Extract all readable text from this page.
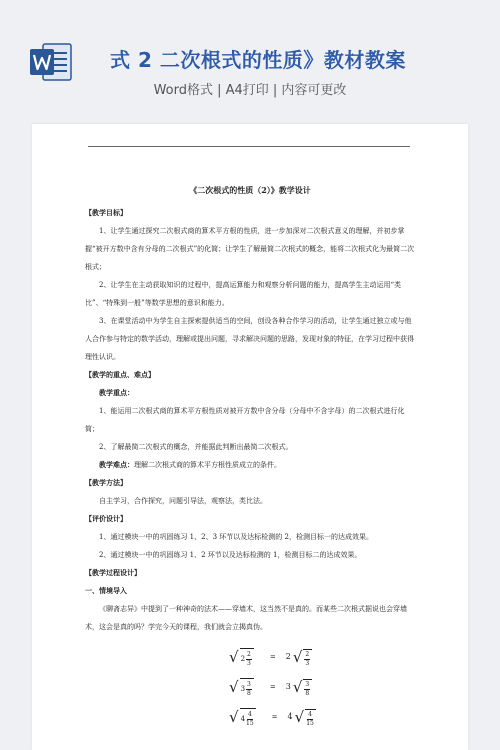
式 2 二次根式的性质》教材教案
Word格式 | A4打印 | 内容可更改

《二次根式的性质（2）》教学设计

【教学目标】

1、让学生通过探究二次根式商的算术平方根的性质，进一步加深对二次根式意义的理解，并初步掌握“被开方数中含有分母的二次根式”的化简；让学生了解最简二次根式的概念，能将二次根式化为最简二次根式；

2、让学生在主动获取知识的过程中，提高运算能力和观察分析问题的能力，提高学生主动运用“类比”、“特殊到一般”等数学思想的意识和能力。

3、在课堂活动中为学生自主探索提供适当的空间，创设各种合作学习的活动，让学生通过独立或与他人合作参与特定的数学活动，理解或提出问题，寻求解决问题的思路，发现对象的特征，在学习过程中获得理性认识。

【教学的重点、难点】

教学重点：

1、能运用二次根式商的算术平方根性质对被开方数中含分母（分母中不含字母）的二次根式进行化简；

2、了解最简二次根式的概念，并能据此判断出最简二次根式。

教学难点：理解二次根式商的算术平方根性质成立的条件。

【教学方法】

自主学习，合作探究，问题引导法，观察法，类比法。

【评价设计】

1、通过模块一中的巩固练习 1、2、3 环节以及达标检测的 2，检测目标一的达成效果。

2、通过模块一中的巩固练习 1、2 环节以及达标检测的 1，检测目标二的达成效果。

【教学过程设计】

一、情境导入

《聊斋志异》中提到了一种神奇的法术——穿墙术，这当然不是真的。而某些二次根式据说也会穿墙术，这会是真的吗？学完今天的课程，我们就会立揭真伪。

√ $2 \frac{2}{3}$	= 2 √ $\frac{2}{3}$
√ $3 \frac{3}{8}$	= 3 √ $\frac{3}{8}$
√ $4 \frac{4}{15}$	= 4 √ $\frac{4}{15}$
